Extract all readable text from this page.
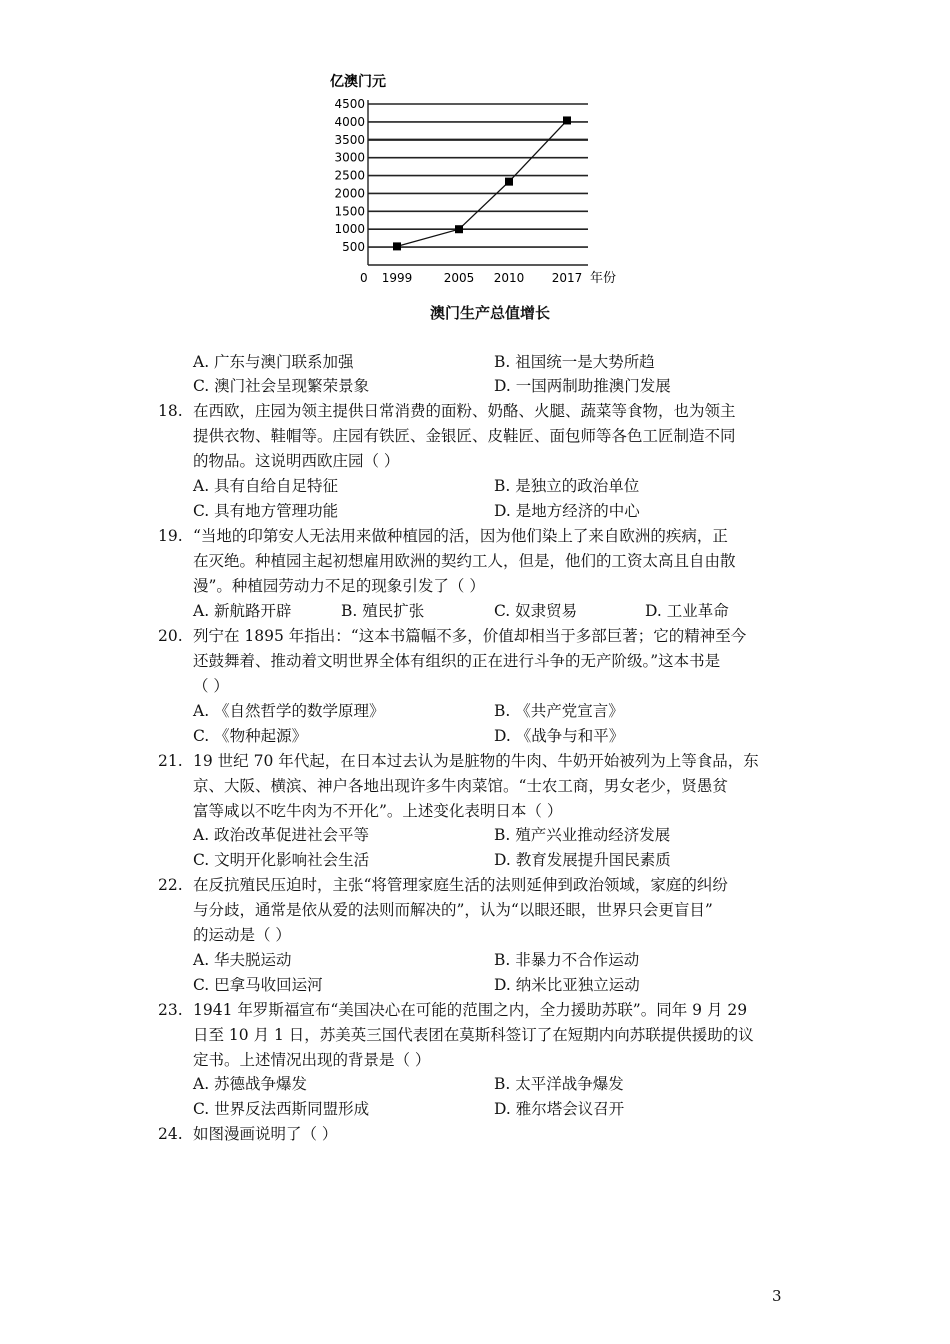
亿澳门元
年份
0
4500
4000
3500
3000
2500
2000
1500
1000
500
1999	2005 2010 2017
澳门生产总值增长
A. 广东与澳门联系加强	B. 祖国统一是大势所趋
C. 澳门社会呈现繁荣景象	D. 一国两制助推澳门发展
18. 在西欧，庄园为领主提供日常消费的面粉、奶酪、火腿、蔬菜等食物，也为领主
提供衣物、鞋帽等。庄园有铁匠、金银匠、皮鞋匠、面包师等各色工匠制造不同
的物品。这说明西欧庄园（ ）
A. 具有自给自足特征	B. 是独立的政治单位
C. 具有地方管理功能	D. 是地方经济的中心
19. “当地的印第安人无法用来做种植园的活，因为他们染上了来自欧洲的疾病，正
在灭绝。种植园主起初想雇用欧洲的契约工人，但是，他们的工资太高且自由散
漫”。种植园劳动力不足的现象引发了（ ）
A. 新航路开辟	B. 殖民扩张	C. 奴隶贸易	D. 工业革命
20. 列宁在 1895 年指出：“这本书篇幅不多，价值却相当于多部巨著；它的精神至今
还鼓舞着、推动着文明世界全体有组织的正在进行斗争的无产阶级。”这本书是
（ ）
A. 《自然哲学的数学原理》	B. 《共产党宣言》
C. 《物种起源》	D. 《战争与和平》
21. 19 世纪 70 年代起，在日本过去认为是脏物的牛肉、牛奶开始被列为上等食品，东
京、大阪、横滨、神户各地出现许多牛肉菜馆。“士农工商，男女老少，贤愚贫
富等咸以不吃牛肉为不开化”。上述变化表明日本（ ）
A. 政治改革促进社会平等	B. 殖产兴业推动经济发展
C. 文明开化影响社会生活	D. 教育发展提升国民素质
22. 在反抗殖民压迫时，主张“将管理家庭生活的法则延伸到政治领域，家庭的纠纷
与分歧，通常是依从爱的法则而解决的”，认为“以眼还眼，世界只会更盲目”
的运动是（ ）
A. 华夫脱运动	B. 非暴力不合作运动
C. 巴拿马收回运河	D. 纳米比亚独立运动
23. 1941 年罗斯福宣布“美国决心在可能的范围之内，全力援助苏联”。同年 9 月 29
日至 10 月 1 日，苏美英三国代表团在莫斯科签订了在短期内向苏联提供援助的议
定书。上述情况出现的背景是（ ）
A. 苏德战争爆发	B. 太平洋战争爆发
C. 世界反法西斯同盟形成	D. 雅尔塔会议召开
24. 如图漫画说明了（ ）
3
